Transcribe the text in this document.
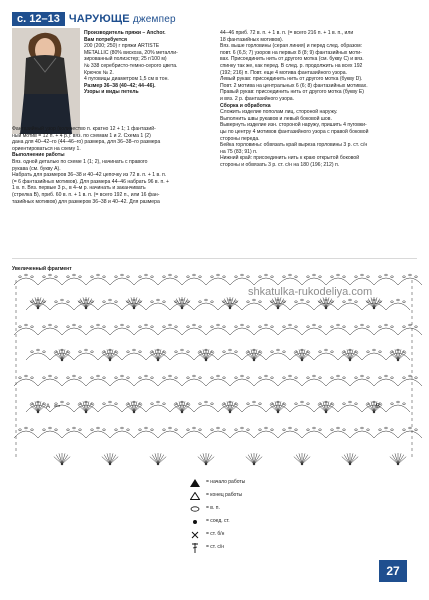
с. 12–13 ЧАРУЮЩЕ джемпер

Производитель пряжи – Anchor.

Вам потребуется

200 (200; 250) г пряжи ARTISTE

METALLIC (80% вискоза, 20% металли-

зированный полиэстер; 25 г/100 м)

№ 338 серебристо-темно-серого цвета.

Крючок № 2.

4 пуговицы диаметром 1,5 см в тон.

Размер 36–38 (40–42; 44–46).

Узоры и виды петель

Фантазийный узор (количество п. кратно 12 + 1; 1 фантазий-

ный мотив = 12 п. + 4 р.): вяз. по схемам 1 и 2. Схема 1 (2)

дана для 40–42–го (44–46–го) размера, для 36–38–го размера

ориентироваться на схему 1.

Выполнение работы

Вяз. одной деталью по схеме 1 (1; 2), начинать с правого

рукава (см. букву А).

Набрать для размеров 36–38 и 40–42 цепочку из 72 в. п. + 1 в. п.

(= 6 фантазийных мотивов). Для размера 44–46 набрать 96 в. п. +

1 в. п. Вяз. первые 3 р., в 4–м р. начинать и заканчивать

(стрелка В), приб. 60 в. п. + 1 в. п. (= всего 192 п., или 16 фан-

тазийных мотивов) для размеров 36–38 и 40–42. Для размера

44–46 приб. 72 в. п. + 1 в. п. (= всего 216 п. + 1 в. п., или

18 фантазийных мотивов).

Вяз. выше горловины (серая линия) и перед след. образом:

повт. 6 (6,5; 7) узоров на первых 8 (8; 9) фантазийных моти-

вах. Присоединить нить от другого мотка (см. букву С) и вяз.

спинку так же, как перед. В след. р. продолжить на всех 192

(192; 216) п. Повт. еще 4 мотива фантазийного узора.

Левый рукав: присоединить нить от другого мотка (букву D).

Повт. 2 мотива на центральных 6 (6; 8) фантазийных мотивах.

Правый рукав: присоединить нить от другого мотка (букву Е)

и вяз. 2 р. фантазийного узора.

Сборка и обработка

Сложить изделие пополам лиц. стороной наружу.

Выполнить швы рукавов и левый боковой шов.

Вывернуть изделие изн. стороной наружу, пришить 4 пуговки-

цы по центру 4 мотивов фантазийного узора с правой боковой

стороны переда.

Бейка горловины: обвязать край выреза горловины 3 р. ст. с/н

на 75 (83; 91) п.

Нижний край: присоединить нить к краю открытой боковой

стороны и обвязать 3 р. ст. с/н на 180 (196; 212) п.

Увеличенный фрагмент
A	B
shkatulka-rukodeliya.com
= начало работы
= конец работы
= в. п.
= соед. ст.
= ст. б/н
= ст. с/н
27
